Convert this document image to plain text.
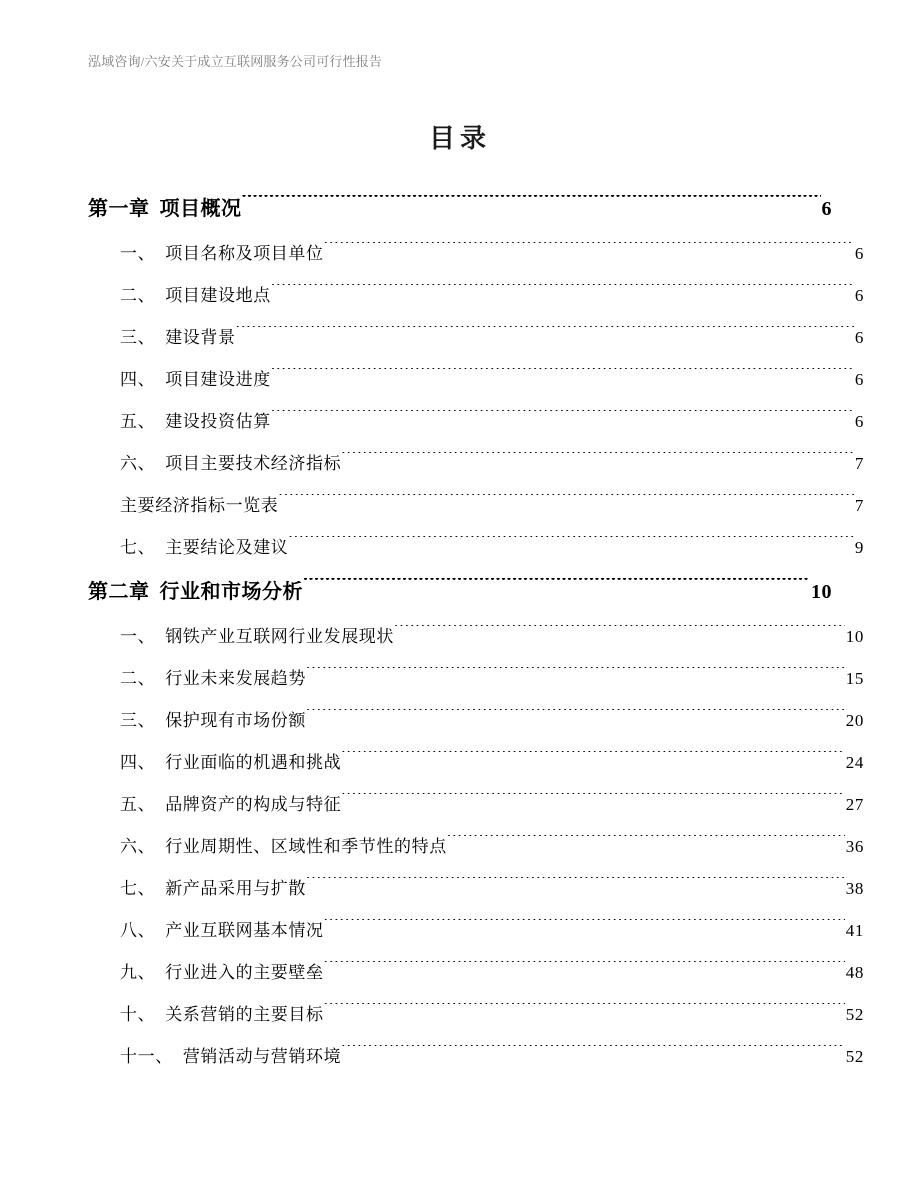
泓域咨询/六安关于成立互联网服务公司可行性报告
目录
第一章 项目概况 .....	6
一、 项目名称及项目单位 .....	6
二、 项目建设地点 .....	6
三、 建设背景 .....	6
四、 项目建设进度 .....	6
五、 建设投资估算 .....	6
六、 项目主要技术经济指标 .....	7
主要经济指标一览表 .....	7
七、 主要结论及建议 .....	9
第二章 行业和市场分析 .....	10
一、 钢铁产业互联网行业发展现状 .....	10
二、 行业未来发展趋势 .....	15
三、 保护现有市场份额 .....	20
四、 行业面临的机遇和挑战 .....	24
五、 品牌资产的构成与特征 .....	27
六、 行业周期性、区域性和季节性的特点 .....	36
七、 新产品采用与扩散 .....	38
八、 产业互联网基本情况 .....	41
九、 行业进入的主要壁垒 .....	48
十、 关系营销的主要目标 .....	52
十一、 营销活动与营销环境 .....	52
